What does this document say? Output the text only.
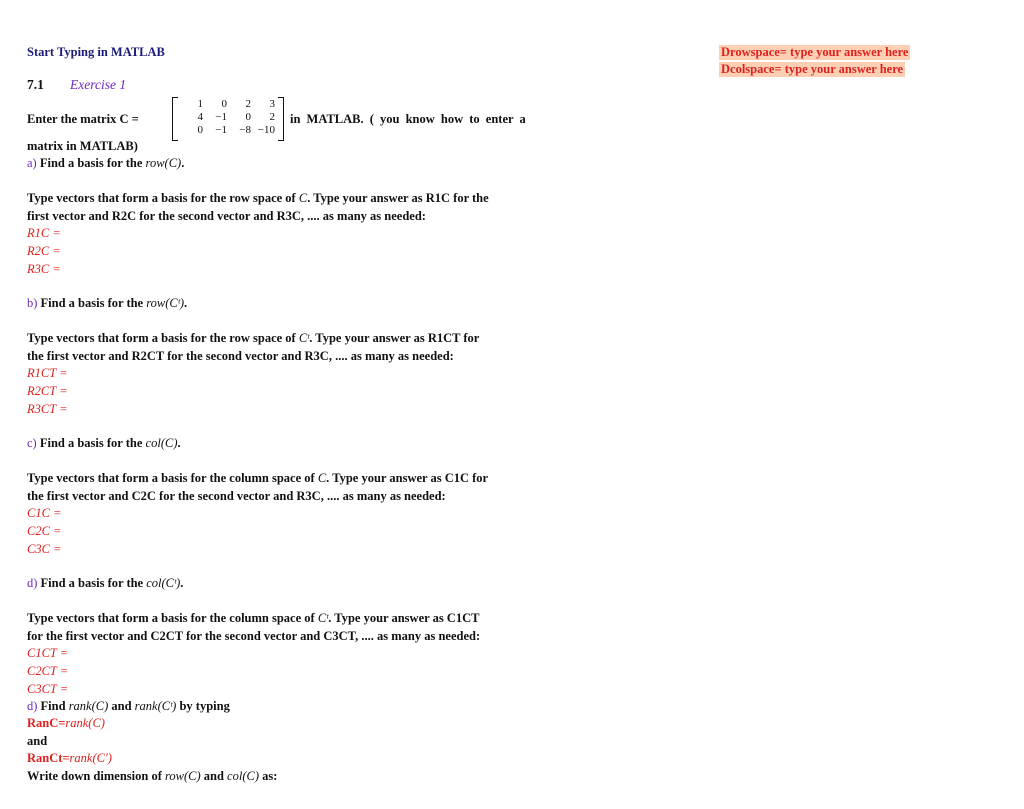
Start Typing in MATLAB	Drowspace= type your answer here
Dcolspace= type your answer here
7.1 Exercise 1
Enter the matrix C =
1	0	2	3
4	−1	0	2
0	−1	−8	−10
in MATLAB. ( you know how to enter a
matrix in MATLAB)
a) Find a basis for the row(C).
Type vectors that form a basis for the row space of C. Type your answer as R1C for the
first vector and R2C for the second vector and R3C, .... as many as needed:
R1C =
R2C =
R3C =
b) Find a basis for the row(Cᵗ).
Type vectors that form a basis for the row space of Cᵗ. Type your answer as R1CT for
the first vector and R2CT for the second vector and R3C, .... as many as needed:
R1CT =
R2CT =
R3CT =
c) Find a basis for the col(C).
Type vectors that form a basis for the column space of C. Type your answer as C1C for
the first vector and C2C for the second vector and R3C, .... as many as needed:
C1C =
C2C =
C3C =
d) Find a basis for the col(Cᵗ).
Type vectors that form a basis for the column space of Cᵗ. Type your answer as C1CT
for the first vector and C2CT for the second vector and C3CT, .... as many as needed:
C1CT =
C2CT =
C3CT =
d) Find rank(C) and rank(Cᵗ) by typing
RanC=rank(C)
and
RanCt=rank(C′)
Write down dimension of row(C) and col(C) as:
